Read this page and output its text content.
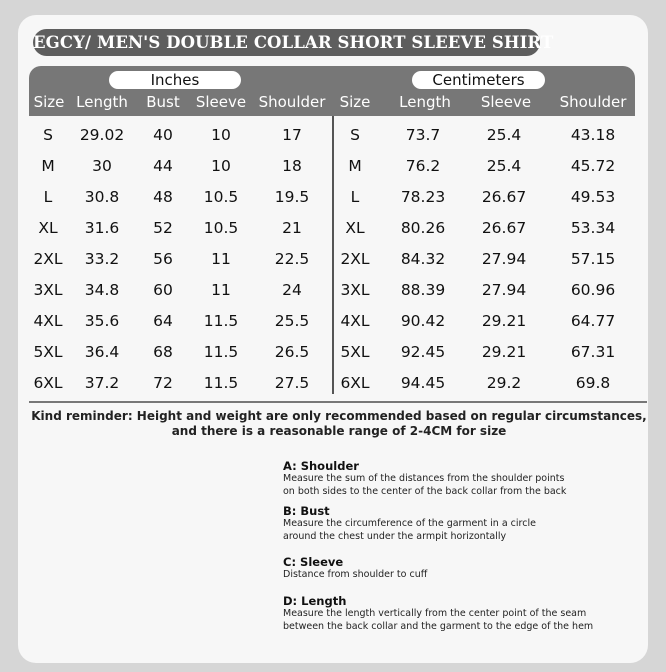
EGCY/ MEN'S DOUBLE COLLAR SHORT SLEEVE SHIRT
Inches	Centimeters
Size Length Bust Sleeve Shoulder Size Length Sleeve Shoulder
S 29.02 40 10	17	S	73.7	25.4	43.18
M 30	44 10	18	M	76.2	25.4	45.72
L 30.8 48 10.5 19.5	L	78.23 26.67	49.53
XL 31.6 52 10.5	21	XL 80.26 26.67	53.34
2XL 33.2 56 11	22.5 2XL 84.32 27.94	57.15
3XL 34.8 60 11	24 3XL 88.39 27.94	60.96
4XL 35.6 64 11.5 25.5 4XL 90.42 29.21	64.77
5XL 36.4 68 11.5 26.5 5XL 92.45 29.21	67.31
6XL 37.2 72 11.5 27.5 6XL 94.45	29.2	69.8
Kind reminder: Height and weight are only recommended based on regular circumstances,
and there is a reasonable range of 2-4CM for size
A: Shoulder
Measure the sum of the distances from the shoulder points
on both sides to the center of the back collar from the back
B: Bust
Measure the circumference of the garment in a circle
around the chest under the armpit horizontally
C: Sleeve
Distance from shoulder to cuff
D: Length
Measure the length vertically from the center point of the seam
between the back collar and the garment to the edge of the hem
